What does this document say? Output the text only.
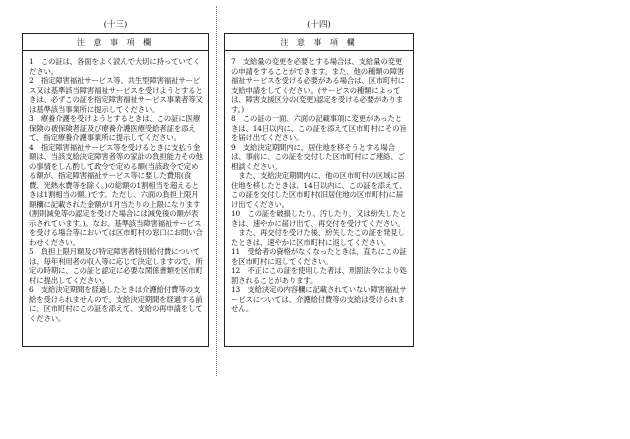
(十三)
注 意 事 項 欄

1　この証は、各面をよく読んで大切に持っていてください。

2　指定障害福祉サービス等、共生型障害福祉サービス又は基準該当障害福祉サービスを受けようとするときは、必ずこの証を指定障害福祉サービス事業者等又は基準該当事業所に提示してください。

3　療養介護を受けようとするときは、この証に医療保険の被保険者証及び療養介護医療受給者証を添えて、指定療養介護事業所に提示してください。

4　指定障害福祉サービス等を受けるときに支払う金額は、当該支給決定障害者等の家計の負担能力その他の事情をしん酌して政令で定める額(当該政令で定める額が、指定障害福祉サービス等に要した費用(食費、光熱水費等を除く。)の総額の1割相当を超えるときは1割相当の額。)です。ただし、六面の負担上限月額欄に記載された金額が1月当たりの上限になります(割則減免等の認定を受けた場合には減免後の額が表示されています。)。なお、基準該当障害福祉サービスを受ける場合等においては区市町村の窓口にお問い合わせください。

5　負担上限月額及び特定障害者特別給付費については、毎年利用者の収入等に応じて決定しますので、所定の時期に、この証と認定に必要な関係書類を区市町村に提出してください。

6　支給決定期間を経過したときは介護給付費等の支給を受けられませんので、支給決定期間を経過する前に、区市町村にこの証を添えて、支給の再申請をしてください。

(十四)
注 意 事 項 欄

7　支給量の変更を必要とする場合は、支給量の変更の申請をすることができます。また、他の種類の障害福祉サービスを受ける必要がある場合は、区市町村に支給申請をしてください。(サービスの種類によっては、障害支援区分の(変更)認定を受ける必要があります。)

8　この証の一面、六面の記載事項に変更があったときは、14日以内に、この証を添えて区市町村にその旨を届け出てください。

9　支給決定期間内に、居住地を移そうとする場合は、事前に、この証を交付した区市町村にご連絡、ご相談ください。
　また、支給決定期間内に、他の区市町村の区域に居住地を移したときは、14日以内に、この証を添えて、この証を交付した区市町村(旧居住地の区市町村)に届け出てください。

10　この証を破損したり、汚したり、又は紛失したときは、速やかに届け出て、再交付を受けてください。
　また、再交付を受けた後、紛失したこの証を発見したときは、速やかに区市町村に返してください。

11　受給者の資格がなくなったときは、直ちにこの証を区市町村に返してください。

12　不正にこの証を使用した者は、刑罰法令により処罰されることがあります。

13　支給決定の内容欄に記載されていない障害福祉サービスについては、介護給付費等の支給は受けられません。
